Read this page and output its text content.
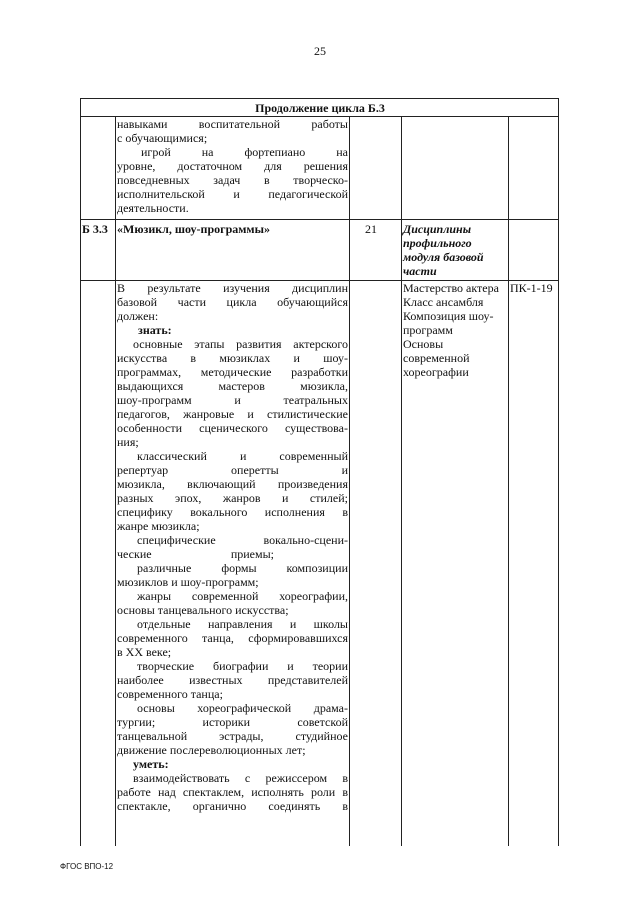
25
Продолжение цикла Б.3
навыками воспитательной работы
с обучающимися;
игрой на фортепиано на
уровне, достаточном для решения
повседневных задач в творческо-
исполнительской и педагогической
деятельности.
Б 3.3 «Мюзикл, шоу-программы»	21 Дисциплины
профильного
модуля базовой
части
В результате изучения дисциплин
базовой части цикла обучающийся
должен:
знать:
основные этапы развития актерского
искусства в мюзиклах и шоу-
программах, методические разработки
выдающихся мастеров мюзикла,
шоу-программ и театральных
педагогов, жанровые и стилистические
особенности сценического существова-
ния;
классический и современный
репертуар оперетты и
мюзикла, включающий произведения
разных эпох, жанров и стилей;
специфику вокального исполнения в
жанре мюзикла;
специфические вокально-сцени-
ческие приемы;
различные формы композиции
мюзиклов и шоу-программ;
жанры современной хореографии,
основы танцевального искусства;
отдельные направления и школы
современного танца, сформировавшихся
в XX веке;
творческие биографии и теории
наиболее известных представителей
современного танца;
основы хореографической драма-
тургии; историки советской
танцевальной эстрады, студийное
движение послереволюционных лет;
уметь:
взаимодействовать с режиссером в
работе над спектаклем, исполнять роли в
спектакле, органично соединять в
Мастерство актера
Класс ансамбля
Композиция шоу-
программ
Основы
современной
хореографии
ПК-1-19
ФГОС ВПО-12
